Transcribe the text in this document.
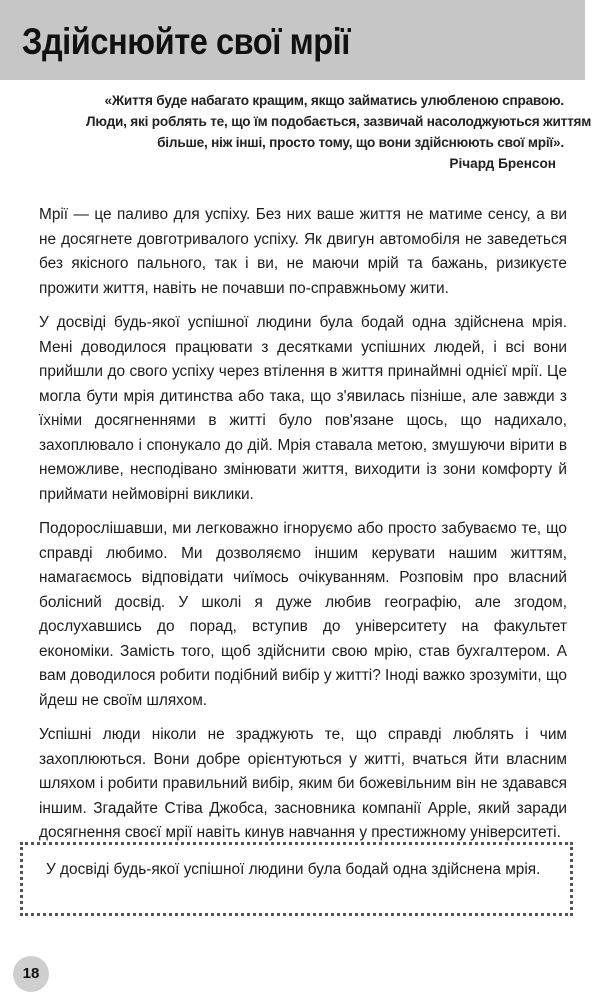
Здійснюйте свої мрії
«Життя буде набагато кращим, якщо займатись улюбленою справою.
Люди, які роблять те, що їм подобається, зазвичай насолоджуються життям
більше, ніж інші, просто тому, що вони здійснюють свої мрії».
Річард Бренсон

Мрії — це паливо для успіху. Без них ваше життя не матиме сенсу, а ви не досягнете довготривалого успіху. Як двигун автомобіля не заведеться без якісного пального, так і ви, не маючи мрій та бажань, ризикуєте прожити життя, навіть не почавши по-справжньому жити.

У досвіді будь-якої успішної людини була бодай одна здійснена мрія. Мені доводилося працювати з десятками успішних людей, і всі вони прийшли до свого успіху через втілення в життя принаймні однієї мрії. Це могла бути мрія дитинства або така, що з'явилась пізніше, але завжди з їхніми досягненнями в житті було пов'язане щось, що надихало, захоплювало і спонукало до дій. Мрія ставала метою, змушуючи вірити в неможливе, несподівано змінювати життя, виходити із зони комфорту й приймати неймовірні виклики.

Подорослішавши, ми легковажно ігноруємо або просто забуваємо те, що справді любимо. Ми дозволяємо іншим керувати нашим життям, намагаємось відповідати чиїмось очікуванням. Розповім про власний болісний досвід. У школі я дуже любив географію, але згодом, дослухавшись до порад, вступив до університету на факультет економіки. Замість того, щоб здійснити свою мрію, став бухгалтером. А вам доводилося робити подібний вибір у житті? Іноді важко зрозуміти, що йдеш не своїм шляхом.

Успішні люди ніколи не зраджують те, що справді люблять і чим захоплюються. Вони добре орієнтуються у житті, вчаться йти власним шляхом і робити правильний вибір, яким би божевільним він не здавався іншим. Згадайте Стіва Джобса, засновника компанії Apple, який заради досягнення своєї мрії навіть кинув навчання у престижному університеті.

У досвіді будь-якої успішної людини була бодай одна здійснена мрія.
18
